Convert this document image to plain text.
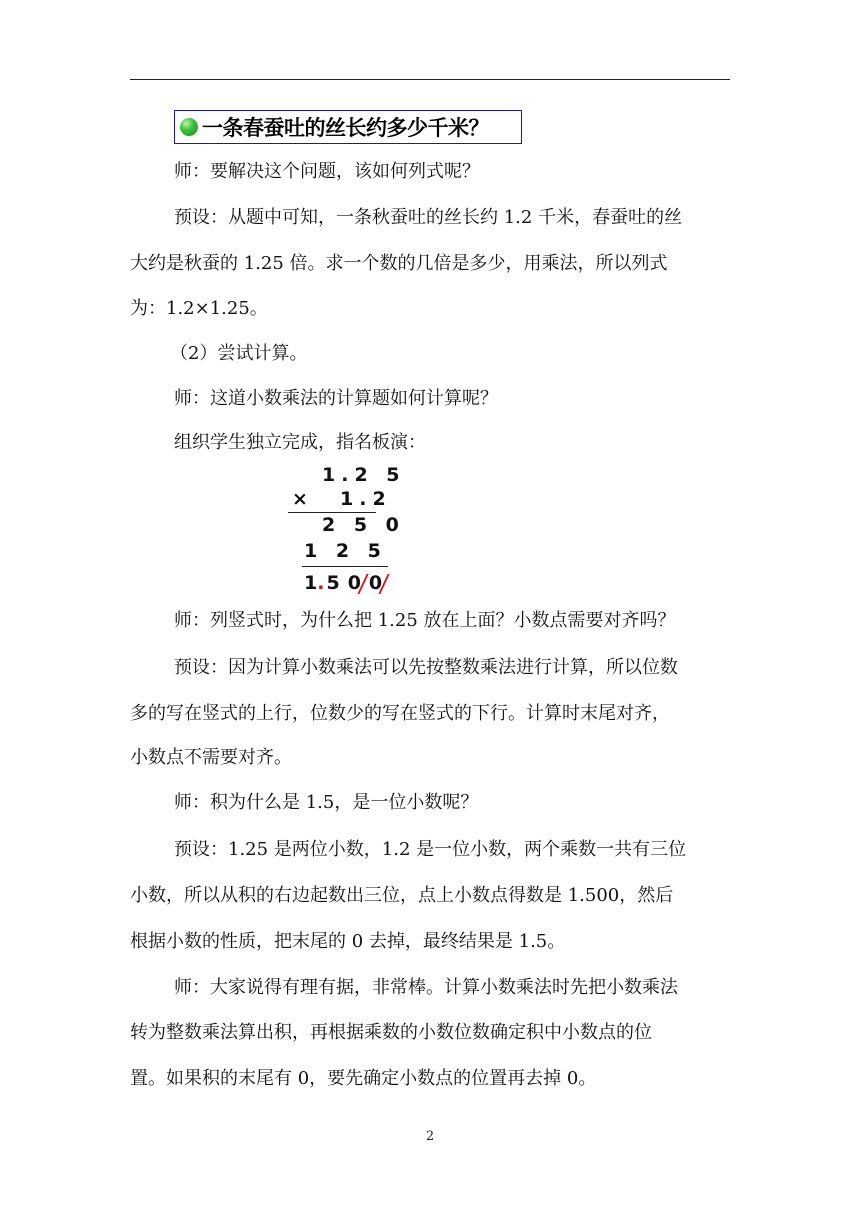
一条春蚕吐的丝长约多少千米？
师：要解决这个问题，该如何列式呢？
预设：从题中可知，一条秋蚕吐的丝长约 1.2 千米，春蚕吐的丝
大约是秋蚕的 1.25 倍。求一个数的几倍是多少，用乘法，所以列式
为：1.2×1.25。
（2）尝试计算。
师：这道小数乘法的计算题如何计算呢？
组织学生独立完成，指名板演：
1.2 5
× 1.2
2 5 0
1 2 5
1. 5 0 0
师：列竖式时，为什么把 1.25 放在上面？小数点需要对齐吗？
预设：因为计算小数乘法可以先按整数乘法进行计算，所以位数
多的写在竖式的上行，位数少的写在竖式的下行。计算时末尾对齐，
小数点不需要对齐。
师：积为什么是 1.5，是一位小数呢？
预设：1.25 是两位小数，1.2 是一位小数，两个乘数一共有三位
小数，所以从积的右边起数出三位，点上小数点得数是 1.500，然后
根据小数的性质，把末尾的 0 去掉，最终结果是 1.5。
师：大家说得有理有据，非常棒。计算小数乘法时先把小数乘法
转为整数乘法算出积，再根据乘数的小数位数确定积中小数点的位
置。如果积的末尾有 0，要先确定小数点的位置再去掉 0。
2
